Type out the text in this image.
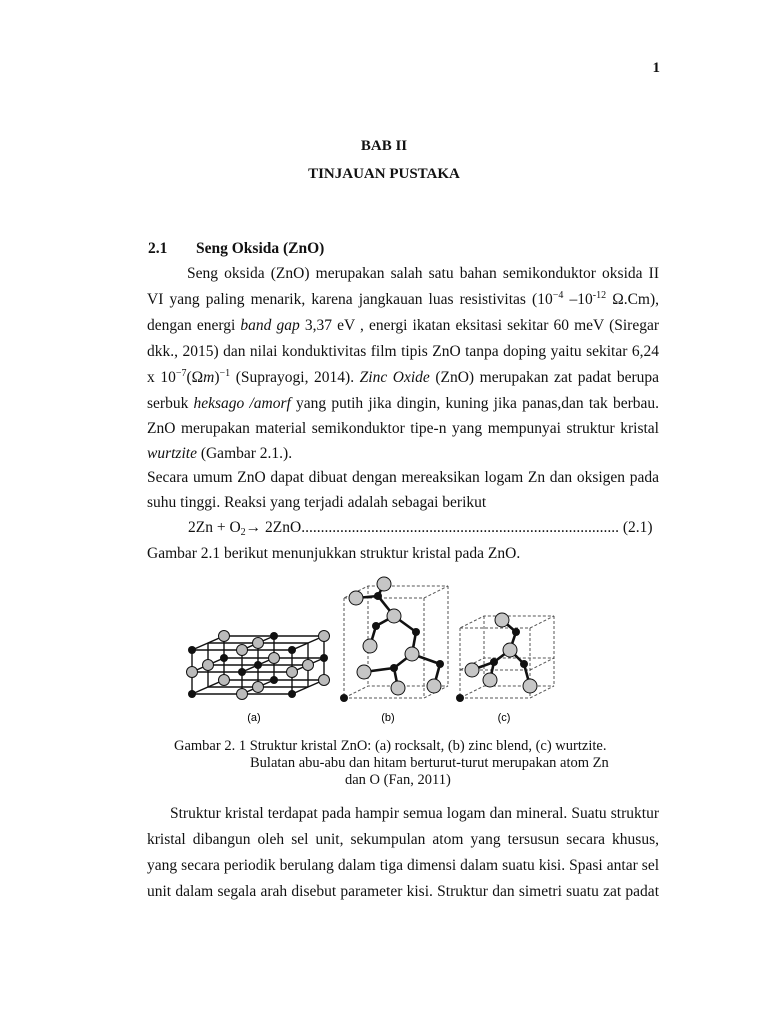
1
BAB II
TINJAUAN PUSTAKA
2.1 Seng Oksida (ZnO)
Seng oksida (ZnO) merupakan salah satu bahan semikonduktor oksida II
VI yang paling menarik, karena jangkauan luas resistivitas ($10^{-4}$ $-10^{-12}$ Ω.Cm),
dengan energi band gap 3,37 eV , energi ikatan eksitasi sekitar 60 meV (Siregar
dkk., 2015) dan nilai konduktivitas film tipis ZnO tanpa doping yaitu sekitar 6,24
x $10^{-7}(\Omega m)^{-1}$ (Suprayogi, 2014). Zinc Oxide (ZnO) merupakan zat padat berupa
serbuk heksago /amorf yang putih jika dingin, kuning jika panas,dan tak berbau.
ZnO merupakan material semikonduktor tipe-n yang mempunyai struktur kristal
wurtzite (Gambar 2.1.).
Secara umum ZnO dapat dibuat dengan mereaksikan logam Zn dan oksigen pada
suhu tinggi. Reaksi yang terjadi adalah sebagai berikut
$2Zn + O_2\to 2ZnO$.................................................................................. (2.1)
Gambar 2.1 berikut menunjukkan struktur kristal pada ZnO.
(a)	(b)	(c)
Gambar 2. 1 Struktur kristal ZnO: (a) rocksalt, (b) zinc blend, (c) wurtzite.
Bulatan abu-abu dan hitam berturut-turut merupakan atom Zn
dan O (Fan, 2011)
Struktur kristal terdapat pada hampir semua logam dan mineral. Suatu struktur
kristal dibangun oleh sel unit, sekumpulan atom yang tersusun secara khusus,
yang secara periodik berulang dalam tiga dimensi dalam suatu kisi. Spasi antar sel
unit dalam segala arah disebut parameter kisi. Struktur dan simetri suatu zat padat
